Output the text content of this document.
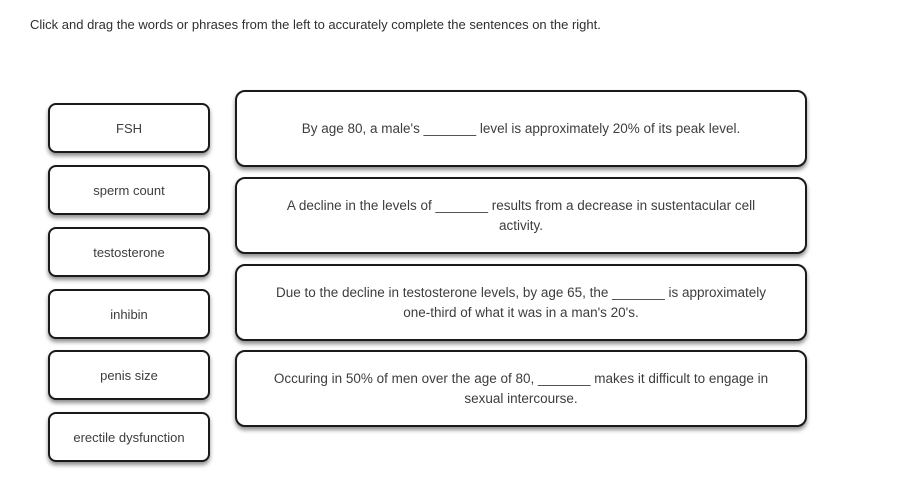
Click and drag the words or phrases from the left to accurately complete the sentences on the right.
FSH
sperm count
testosterone
inhibin
penis size
erectile dysfunction
By age 80, a male's _______ level is approximately 20% of its peak level.
A decline in the levels of _______ results from a decrease in sustentacular cell activity.
Due to the decline in testosterone levels, by age 65, the _______ is approximately one-third of what it was in a man's 20's.
Occuring in 50% of men over the age of 80, _______ makes it difficult to engage in sexual intercourse.
